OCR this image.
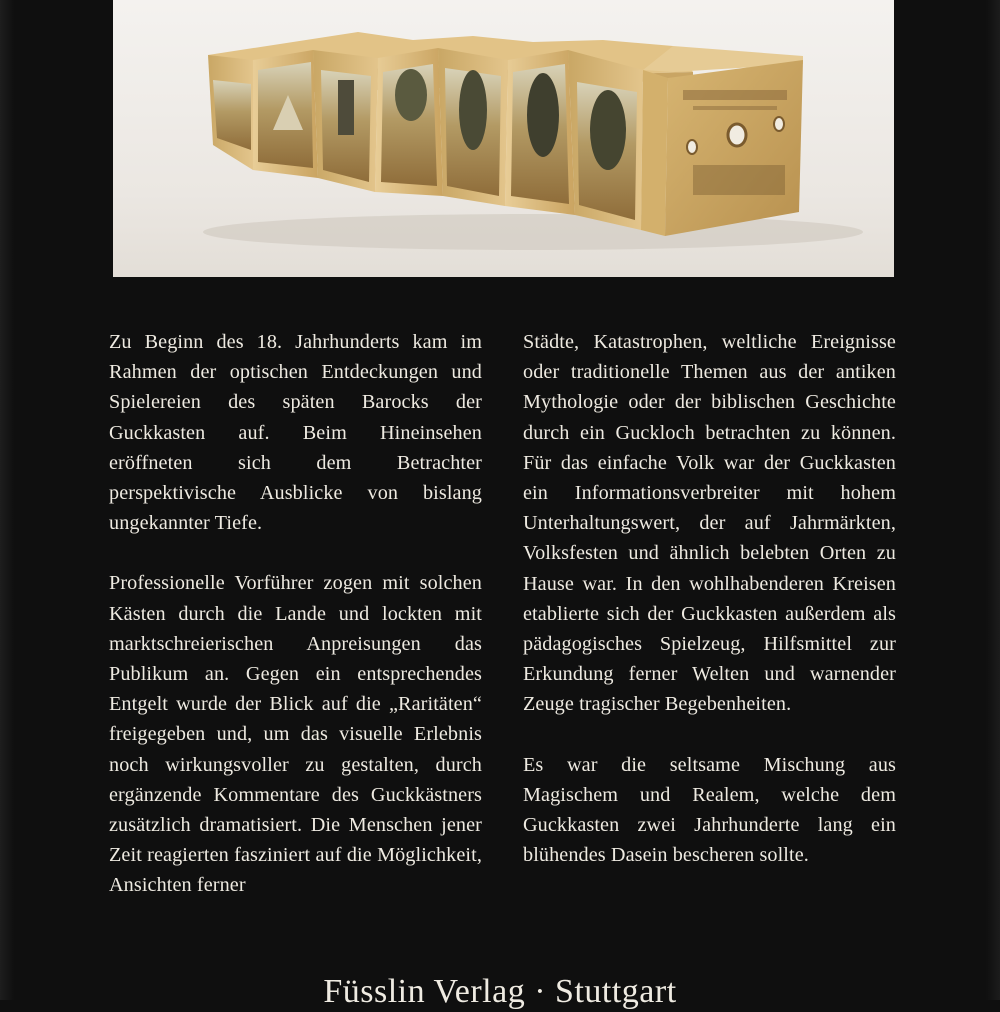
Zu Beginn des 18. Jahrhunderts kam im Rahmen der optischen Entdeckungen und Spielereien des späten Barocks der Guckkasten auf. Beim Hineinsehen eröffneten sich dem Betrachter perspektivische Ausblicke von bislang ungekannter Tiefe.

Professionelle Vorführer zogen mit solchen Kästen durch die Lande und lockten mit marktschreierischen Anpreisungen das Publikum an. Gegen ein entsprechendes Entgelt wurde der Blick auf die „Raritäten“ freigegeben und, um das visuelle Erlebnis noch wirkungsvoller zu gestalten, durch ergänzende Kommentare des Guckkästners zusätzlich dramatisiert. Die Menschen jener Zeit reagierten fasziniert auf die Möglichkeit, Ansichten ferner

Städte, Katastrophen, weltliche Ereignisse oder traditionelle Themen aus der antiken Mythologie oder der biblischen Geschichte durch ein Guckloch betrachten zu können. Für das einfache Volk war der Guckkasten ein Informationsverbreiter mit hohem Unterhaltungswert, der auf Jahrmärkten, Volksfesten und ähnlich belebten Orten zu Hause war. In den wohlhabenderen Kreisen etablierte sich der Guckkasten außerdem als pädagogisches Spielzeug, Hilfsmittel zur Erkundung ferner Welten und warnender Zeuge tragischer Begebenheiten.

Es war die seltsame Mischung aus Magischem und Realem, welche dem Guckkasten zwei Jahrhunderte lang ein blühendes Dasein bescheren sollte.

Füsslin Verlag · Stuttgart
